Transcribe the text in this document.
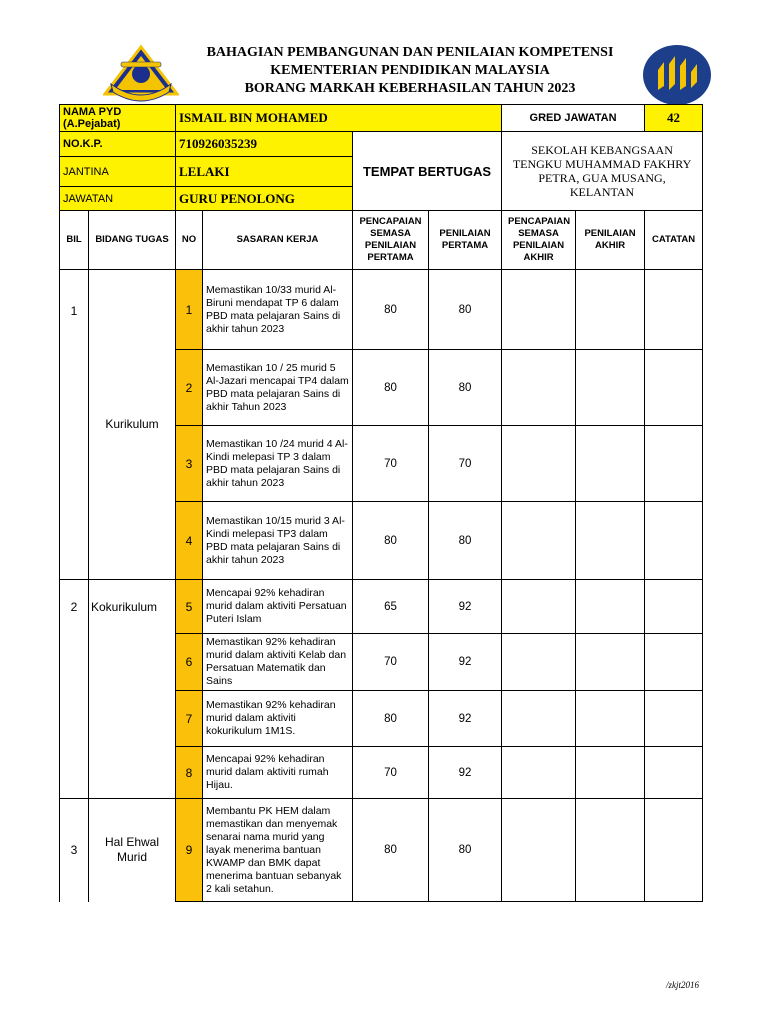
BAHAGIAN PEMBANGUNAN DAN PENILAIAN KOMPETENSI
KEMENTERIAN PENDIDIKAN MALAYSIA
BORANG MARKAH KEBERHASILAN TAHUN 2023
NAMA PYD (A.Pejabat)		ISMAIL BIN MOHAMED				GRED JAWATAN		42
NO.K.P.		710926035239		TEMPAT BERTUGAS		SEKOLAH KEBANGSAAN
TENGKU MUHAMMAD FAKHRY
PETRA, GUA MUSANG,
KELANTAN		

JANTINA		LELAKI						
JAWATAN		GURU PENOLONG						
BIL	BIDANG TUGAS	NO	SASARAN KERJA	PENCAPAIAN SEMASA PENILAIAN PERTAMA	PENILAIAN PERTAMA	PENCAPAIAN SEMASA PENILAIAN AKHIR	PENILAIAN AKHIR	CATATAN
1	Kurikulum	1	Memastikan 10/33 murid Al-Biruni mendapat TP 6 dalam PBD mata pelajaran Sains di akhir tahun 2023	80	80			
		2	Memastikan 10 / 25 murid 5 Al-Jazari mencapai TP4 dalam PBD mata pelajaran Sains di akhir Tahun 2023	80	80			
		3	Memastikan 10 /24 murid 4 Al-Kindi melepasi TP 3 dalam PBD mata pelajaran Sains di akhir tahun 2023	70	70			
		4	Memastikan 10/15 murid 3 Al-Kindi melepasi TP3 dalam PBD mata pelajaran Sains di akhir tahun 2023	80	80			
2	Kokurikulum	5	Mencapai 92% kehadiran murid dalam aktiviti Persatuan Puteri Islam	65	92			
		6	Memastikan 92% kehadiran murid dalam aktiviti Kelab dan Persatuan Matematik dan Sains	70	92			
		7	Memastikan 92% kehadiran murid dalam aktiviti kokurikulum 1M1S.	80	92			
		8	Mencapai 92% kehadiran murid dalam aktiviti rumah Hijau.	70	92			
3	Hal Ehwal
Murid	9	Membantu PK HEM dalam memastikan dan menyemak senarai nama murid yang layak menerima bantuan KWAMP dan BMK dapat menerima bantuan sebanyak 2 kali setahun.	80	80			
/zkjt2016
